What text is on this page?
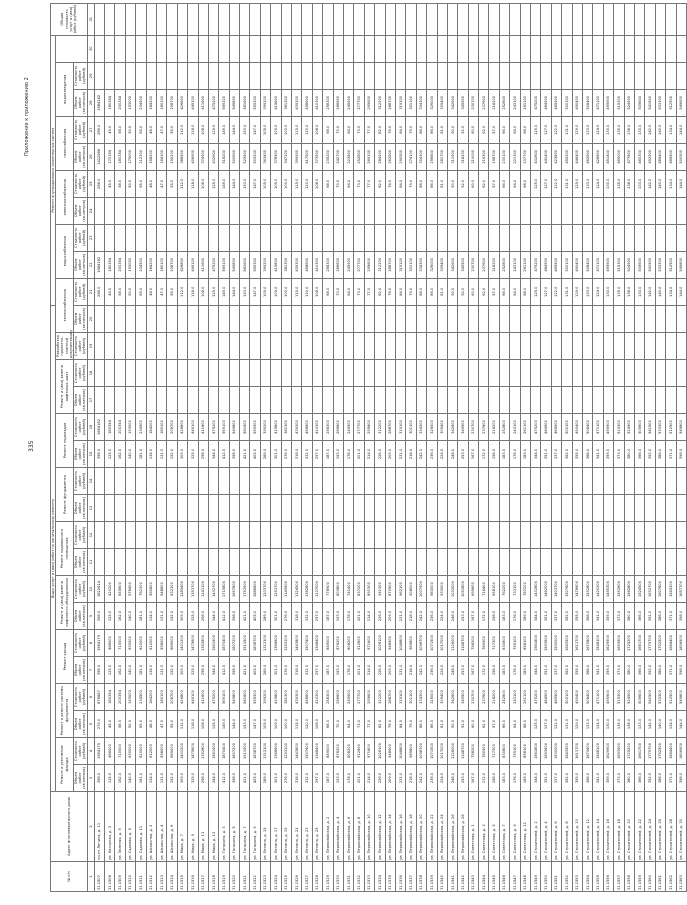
335
Приложение к приложению 2
№ п/п	Адрес многоквартирного дома	Виды услуг и (или) работ по капитальному ремонту																		Ремонт внутридомовых инженерных систем										Общая стоимость услуг и (или) работ (рублей)	
		Ремонт и утепление фасада		Ремонт и ремонт системы фундамента		Ремонт крыши		Ремонт и (или) замена лифтового оборудования		Ремонт подвального помещения		Ремонт фундамента		Ремонт подъездов		Ремонт и (или) замена лифтовых шахт		Разработка проектно-сметной документации	теплоснабжения		водоснабжения		электроснабжения		газоснабжения		водоотведения				
		Объем работ (кв.метров)	Стоимость работ (рублей)	Объем работ (кв.метров)	Стоимость работ (рублей)	Объем работ (кв.метров)	Стоимость работ (рублей)	Объем работ (кв.метров)	Стоимость работ (рублей)	Объем работ (кв.метров)	Стоимость работ (рублей)	Объем работ (кв.метров)	Стоимость работ (рублей)	Объем работ (кв.метров)	Стоимость работ (рублей)	Объем работ (кв.метров)	Стоимость работ (рублей)	Стоимость работ (рублей)	Объем работ (кв.метров)	Стоимость работ (рублей)	Объем работ (кв.метров)	Стоимость работ (рублей)	Объем работ (кв.метров)	Стоимость работ (рублей)	Объем работ (кв.метров)	Стоимость работ (рублей)	Объем работ (кв.метров)	Стоимость работ (рублей)			
1	2	3	4	5	6	7	8	9	10	11	12	13	14	15	16	17	18	19	20	21	22	23	24	25	26	27	28	29	30	31	
31.1507	пр-кт Ленина, д. 11	398.0	1984175	279.0	876687	398.0	1984179	398.0	1822614					398.0	1684182					286.0	1684182			286.0	1422886	286.0	1684182					
31.1508	ул. Нагорная, д. 3	125.0	486000	45.0	180354	125.0	486000	125.0	420200					125.0	180354					45.0	180354			45.0	170354	45.0	180354					
31.1509	ул. Зеленая, д. 9	162.0	710000	58.0	200354	162.0	710000	162.0	655600					162.0	200354					58.0	200354			58.0	180354	58.0	200354					
31.1510	ул. Садовая, д. 9	140.0	630000	50.0	193000	140.0	630000	140.0	578400					140.0	193000					50.0	193000			50.0	175000	50.0	193000					
31.1511	ул. Садовая, д. 11	181.0	820000	65.0	234500	181.0	820000	181.0	762300					181.0	234500					65.0	234500			65.0	212300	65.0	234500					
31.1512	ул. Школьная, д. 2	134.0	612000	48.0	184200	134.0	612000	134.0	560800					134.0	184200					48.0	184200			48.0	168200	48.0	184200					
31.1513	ул. Школьная, д. 4	131.0	598000	47.0	180100	131.0	598000	131.0	548600					131.0	180100					47.0	180100			47.0	164100	47.0	180100					
31.1514	ул. Школьная, д. 6	152.0	689000	55.0	208700	152.0	689000	152.0	632100					152.0	208700					55.0	208700			55.0	190200	55.0	208700					
31.1515	ул. Мира, д. 7	309.0	1401200	112.0	426800	309.0	1401200	309.0	1285400					309.0	426800					112.0	426800			112.0	388500	112.0	426800					
31.1516	ул. Мира, д. 9	325.0	1475600	118.0	449100	325.0	1475600	325.0	1353700					325.0	449100					118.0	449100			118.0	408900	118.0	449100					
31.1517	ул. Мира, д. 11	298.0	1352800	108.0	411600	298.0	1352800	298.0	1241100					298.0	411600					108.0	411600			108.0	374900	108.0	411600					
31.1518	ул. Мира, д. 13	344.0	1561900	125.0	475200	344.0	1561900	344.0	1432700					344.0	475200					125.0	475200			125.0	432600	125.0	475200					
31.1519	ул. Гагарина, д. 3	412.0	1870400	149.0	569100	412.0	1870400	412.0	1715800					412.0	569100					149.0	569100			149.0	518200	149.0	569100					
31.1520	ул. Гагарина, д. 5	398.0	1807200	144.0	549800	398.0	1807200	398.0	1657800					398.0	549800					144.0	549800			144.0	500600	144.0	549800					
31.1521	ул. Гагарина, д. 7	421.0	1911500	153.0	581600	421.0	1911500	421.0	1753500					421.0	581600					153.0	581600			153.0	529500	153.0	581600					
31.1522	ул. Гагарина, д. 9	405.0	1838700	147.0	559300	405.0	1838700	405.0	1686800					405.0	559300					147.0	559300			147.0	509200	147.0	559300					
31.1523	ул. Ленина, д. 15	289.0	1312100	105.0	399200	289.0	1312100	289.0	1203700					289.0	399200					105.0	399200			105.0	363400	105.0	399200					
31.1524	ул. Ленина, д. 17	301.0	1366600	109.0	415800	301.0	1366600	301.0	1253700					301.0	415800					109.0	415800			109.0	378500	109.0	415800					
31.1525	ул. Ленина, д. 19	276.0	1253100	100.0	381300	276.0	1253100	276.0	1149500					276.0	381300					100.0	381300			100.0	347100	100.0	381300					
31.1526	ул. Ленина, д. 21	318.0	1443800	115.0	439300	318.0	1443800	318.0	1324500					318.0	439300					115.0	439300			115.0	399900	115.0	439300					
31.1527	ул. Ленина, д. 23	332.0	1507400	120.0	458600	332.0	1507400	332.0	1382800					332.0	458600					120.0	458600			120.0	417500	120.0	458600					
31.1528	ул. Ленина, д. 25	297.0	1348400	108.0	410300	297.0	1348400	297.0	1237000					297.0	410300					108.0	410300			108.0	373500	108.0	410300					
31.1529	ул. Первомайская, д. 2	187.0	849000	68.0	258300	187.0	849000	187.0	778900					187.0	258300					68.0	258300			68.0	235200	68.0	258300					
31.1530	ул. Первомайская, д. 4	193.0	876200	70.0	266600	193.0	876200	193.0	803800					193.0	266600					70.0	266600			70.0	242700	70.0	266600					
31.1531	ул. Первомайская, д. 6	178.0	808200	64.0	245900	178.0	808200	178.0	741400					178.0	245900					64.0	245900			64.0	223800	64.0	245900					
31.1532	ул. Первомайская, д. 8	201.0	912600	73.0	277700	201.0	912600	201.0	837200					201.0	277700					73.0	277700			73.0	252800	73.0	277700					
31.1533	ул. Первомайская, д. 10	214.0	971600	77.0	295600	214.0	971600	214.0	891300					214.0	295600					77.0	295600			77.0	269100	77.0	295600					
31.1534	ул. Первомайская, д. 12	226.0	1026100	82.0	312200	226.0	1026100	226.0	941300					226.0	312200					82.0	312200			82.0	284200	82.0	312200					
31.1535	ул. Первомайская, д. 14	209.0	948900	76.0	288700	209.0	948900	209.0	870500					209.0	288700					76.0	288700			76.0	262800	76.0	288700					
31.1536	ул. Первомайская, д. 16	231.0	1048800	84.0	319100	231.0	1048800	231.0	962100					231.0	319100					84.0	319100			84.0	290500	84.0	319100					
31.1537	ул. Первомайская, д. 18	218.0	989800	79.0	301100	218.0	989800	218.0	908000					218.0	301100					79.0	301100			79.0	274100	79.0	301100					
31.1538	ул. Первомайская, д. 20	242.0	1098700	88.0	334300	242.0	1098700	242.0	1007900					242.0	334300					88.0	334300			88.0	304300	88.0	334300					
31.1539	ул. Первомайская, д. 22	236.0	1071500	86.0	326000	236.0	1071500	236.0	983000					236.0	326000					86.0	326000			86.0	296800	86.0	326000					
31.1540	ул. Первомайская, д. 24	224.0	1017000	81.0	309400	224.0	1017000	224.0	933000					224.0	309400					81.0	309400			81.0	281700	81.0	309400					
31.1541	ул. Первомайская, д. 26	248.0	1126000	90.0	342600	248.0	1126000	248.0	1033000					248.0	342600					90.0	342600			90.0	311900	90.0	342600					
31.1542	ул. Первомайская, д. 28	253.0	1148700	92.0	349500	253.0	1148700	253.0	1053800					253.0	349500					92.0	349500			92.0	318200	92.0	349500					
31.1543	ул. Советская, д. 1	167.0	758200	60.0	230700	167.0	758200	167.0	695600					167.0	230700					60.0	230700			60.0	210000	60.0	230700					
31.1544	ул. Советская, д. 3	172.0	780900	62.0	237600	172.0	780900	172.0	716400					172.0	237600					62.0	237600			62.0	216300	62.0	237600					
31.1545	ул. Советская, д. 5	158.0	717300	57.0	218200	158.0	717300	158.0	658100					158.0	218200					57.0	218200			57.0	198700	57.0	218200					
31.1546	ул. Советская, д. 7	183.0	830800	66.0	252800	183.0	830800	183.0	762200					183.0	252800					66.0	252800			66.0	230100	66.0	252800					
31.1547	ул. Советская, д. 9	176.0	799100	64.0	243100	176.0	799100	176.0	733100					176.0	243100					64.0	243100			64.0	221300	64.0	243100					
31.1548	ул. Советская, д. 11	189.0	858100	68.0	261100	189.0	858100	189.0	787200					189.0	261100					68.0	261100			68.0	237700	68.0	261100					
31.1549	ул. Строителей, д. 2	344.0	1561800	125.0	475200	344.0	1561800	344.0	1432800					344.0	475200					125.0	475200			125.0	432600	125.0	475200					
31.1550	ул. Строителей, д. 4	351.0	1593600	127.0	484900	351.0	1593600	351.0	1462000					351.0	484900					127.0	484900			127.0	441400	127.0	484900					
31.1551	ул. Строителей, д. 6	337.0	1530000	122.0	465500	337.0	1530000	337.0	1403700					337.0	465500					122.0	465500			122.0	423800	122.0	465500					
31.1552	ул. Строителей, д. 8	362.0	1643500	131.0	500100	362.0	1643500	362.0	1507800					362.0	500100					131.0	500100			131.0	455200	131.0	500100					
31.1553	ул. Строителей, д. 10	355.0	1611700	129.0	490400	355.0	1611700	355.0	1478600					355.0	490400					129.0	490400			129.0	446400	129.0	490400					
31.1554	ул. Строителей, д. 12	368.0	1670800	133.0	508400	368.0	1670800	368.0	1532800					368.0	508400					133.0	508400			133.0	462800	133.0	508400					
31.1555	ул. Строителей, д. 14	341.0	1548100	124.0	471100	341.0	1548100	341.0	1420300					341.0	471100					124.0	471100			124.0	428800	124.0	471100					
31.1556	ул. Строителей, д. 16	359.0	1629900	130.0	495900	359.0	1629900	359.0	1495300					359.0	495900					130.0	495900			130.0	451400	130.0	495900					
31.1557	ул. Строителей, д. 18	373.0	1693500	135.0	515300	373.0	1693500	373.0	1553600					373.0	515300					135.0	515300			135.0	469000	135.0	515300					
31.1558	ул. Строителей, д. 20	380.0	1725200	138.0	524900	380.0	1725200	380.0	1582800					380.0	524900					138.0	524900			138.0	477800	138.0	524900					
31.1559	ул. Строителей, д. 22	366.0	1661700	133.0	505600	366.0	1661700	366.0	1524500					366.0	505600					133.0	505600			133.0	460300	133.0	505600					
31.1560	ул. Строителей, д. 24	392.0	1779700	142.0	541500	392.0	1779700	392.0	1632700					392.0	541500					142.0	541500			142.0	492900	142.0	541500					
31.1561	ул. Строителей, д. 26	386.0	1752500	140.0	533300	386.0	1752500	386.0	1607800					386.0	533300					140.0	533300			140.0	485400	140.0	533300					
31.1562	ул. Строителей, д. 28	371.0	1684400	134.0	512500	371.0	1684400	371.0	1545300					371.0	512500					134.0	512500			134.0	466500	134.0	512500					
31.1563	ул. Строителей, д. 30	398.0	1806900	144.0	549800	398.0	1806900	398.0	1657700					398.0	549800					144.0	549800			144.0	500500	144.0	549800					
